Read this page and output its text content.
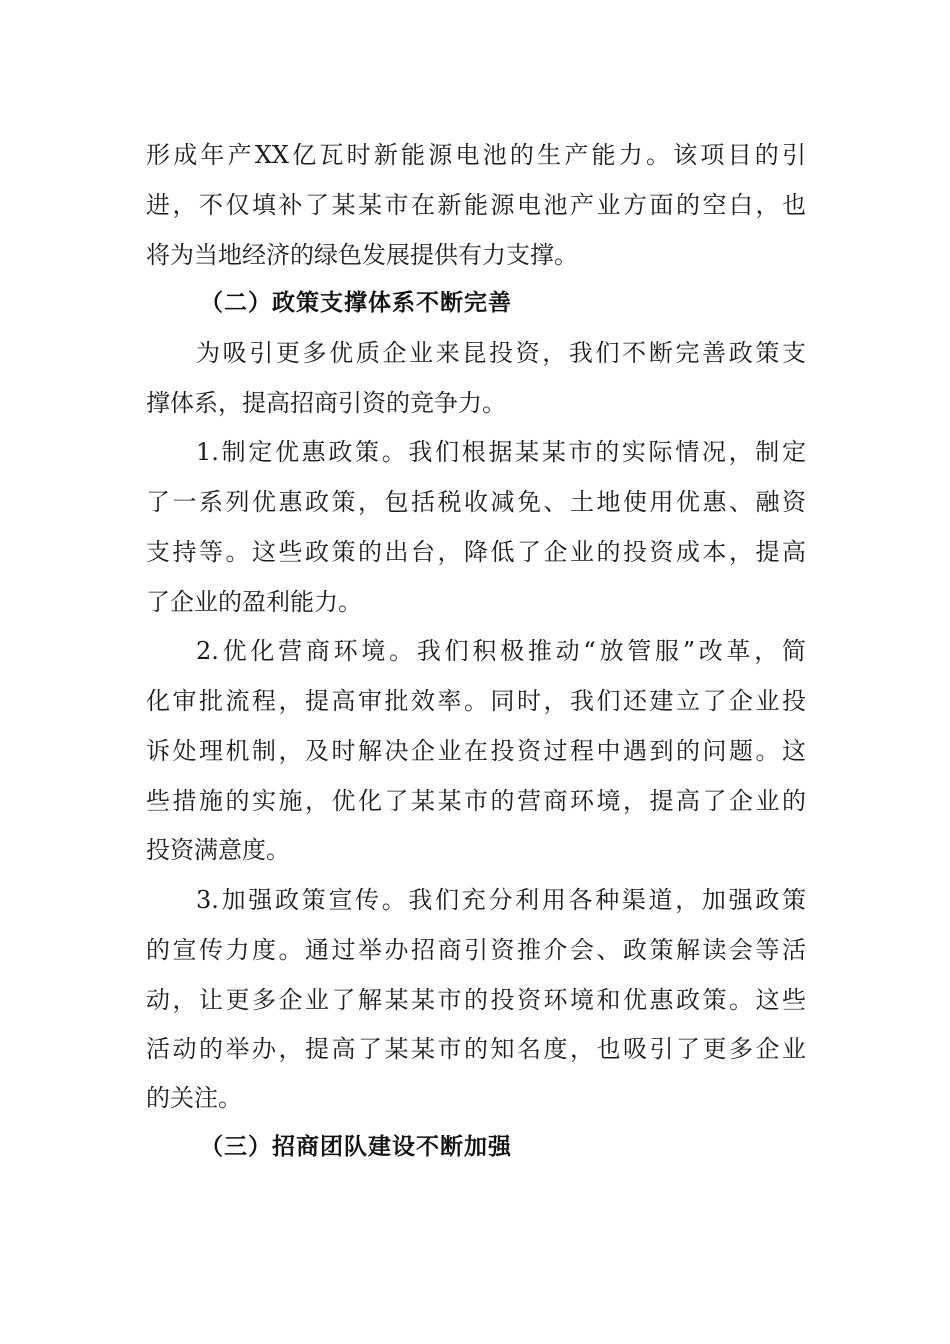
形成年产XX亿瓦时新能源电池的生产能力。该项目的引
进，不仅填补了某某市在新能源电池产业方面的空白，也
将为当地经济的绿色发展提供有力支撑。
（二）政策支撑体系不断完善
为吸引更多优质企业来昆投资，我们不断完善政策支
撑体系，提高招商引资的竞争力。
1.制定优惠政策。我们根据某某市的实际情况，制定
了一系列优惠政策，包括税收减免、土地使用优惠、融资
支持等。这些政策的出台，降低了企业的投资成本，提高
了企业的盈利能力。
2.优化营商环境。我们积极推动“放管服”改革，简
化审批流程，提高审批效率。同时，我们还建立了企业投
诉处理机制，及时解决企业在投资过程中遇到的问题。这
些措施的实施，优化了某某市的营商环境，提高了企业的
投资满意度。
3.加强政策宣传。我们充分利用各种渠道，加强政策
的宣传力度。通过举办招商引资推介会、政策解读会等活
动，让更多企业了解某某市的投资环境和优惠政策。这些
活动的举办，提高了某某市的知名度，也吸引了更多企业
的关注。
（三）招商团队建设不断加强
